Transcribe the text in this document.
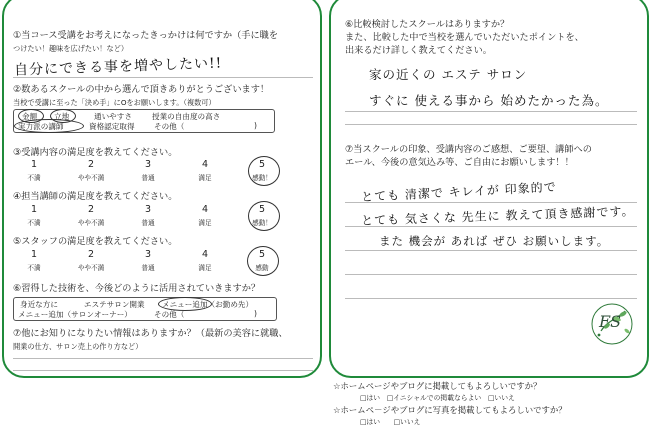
①当コース受講をお考えになったきっかけは何ですか（手に職を
つけたい！趣味を広げたい！など）
自分にできる事を増やしたい!!
②数あるスクールの中から選んで頂きありがとうございます！
当校で受講に至った「決め手」にOをお願いします。（複数可）
金額 立地	通いやすさ	授業の自由度の高さ
実力派の講師	資格認定取得	その他（	)
③受講内容の満足度を教えてください。
1	2	3	4	5
不満	やや不満	普通	満足	感動！
④担当講師の満足度を教えてください。
1	2	3	4	5
不満	やや不満	普通	満足	感動！
⑤スタッフの満足度を教えてください。
1	2	3	4	5
不満	やや不満	普通	満足	感動
⑥習得した技術を、今後どのように活用されていきますか？
身近な方に	エステサロン開業 メニュー追加（お勤め先）
メニュー追加（サロンオーナー）	その他（	)
⑦他にお知りになりたい情報はありますか？（最新の美容に就職、
開業の仕方、サロン売上の作り方など）
⑥比較検討したスクールはありますか？
また、比較した中で当校を選んでいただいたポイントを、
出来るだけ詳しく教えてください。
家の近くの エステ サロン
すぐに 使える事から 始めたかった為。
⑦当スクールの印象、受講内容のご感想、ご要望、講師への
エール、今後の意気込み等、ご自由にお願いします！！
とても 清潔で キレイが 印象的で
とても 気さくな 先生に 教えて頂き感謝です。
また 機会が あれば ぜひ お願いします。
FS
☆ホームページやブログに掲載してもよろしいですか？
□はい　□イニシャルでの掲載ならよい　□いいえ
☆ホームペ－ジやブログに写真を掲載してもよろしいですか？
□はい　　□いいえ
